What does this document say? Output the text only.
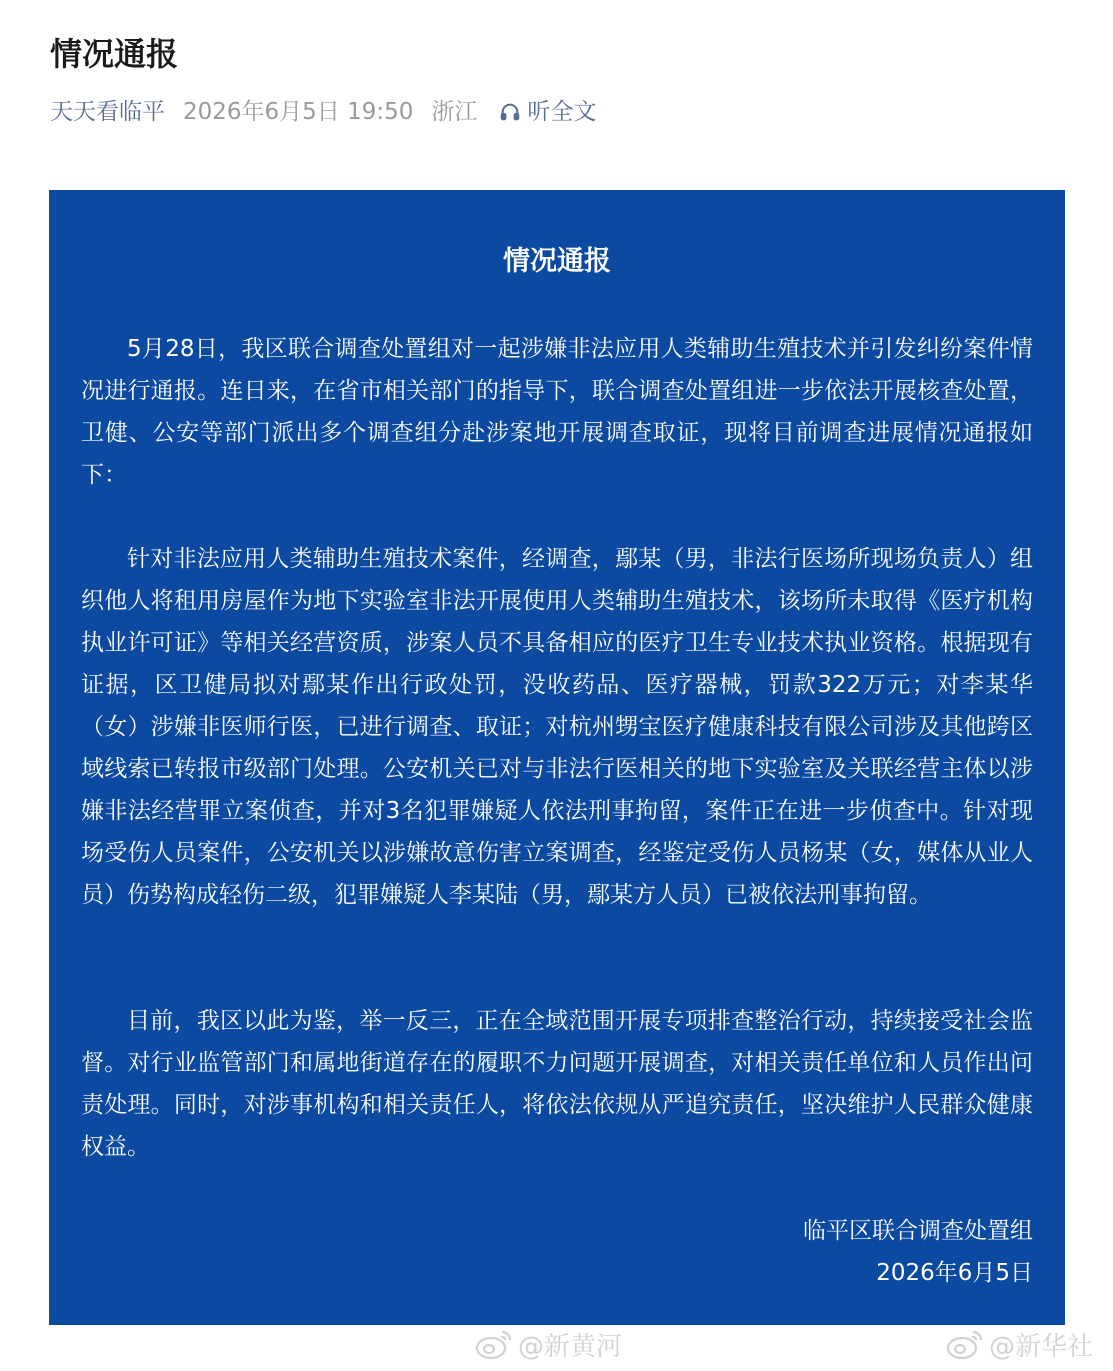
情况通报
天天看临平 2026年6月5日 19:50 浙江 听全文
情况通报

5月28日，我区联合调查处置组对一起涉嫌非法应用人类辅助生殖技术并引发纠纷案件情况进行通报。连日来，在省市相关部门的指导下，联合调查处置组进一步依法开展核查处置，卫健、公安等部门派出多个调查组分赴涉案地开展调查取证，现将目前调查进展情况通报如下：

针对非法应用人类辅助生殖技术案件，经调查，鄢某（男，非法行医场所现场负责人）组织他人将租用房屋作为地下实验室非法开展使用人类辅助生殖技术，该场所未取得《医疗机构执业许可证》等相关经营资质，涉案人员不具备相应的医疗卫生专业技术执业资格。根据现有证据，区卫健局拟对鄢某作出行政处罚，没收药品、医疗器械，罚款322万元；对李某华（女）涉嫌非医师行医，已进行调查、取证；对杭州甥宝医疗健康科技有限公司涉及其他跨区域线索已转报市级部门处理。公安机关已对与非法行医相关的地下实验室及关联经营主体以涉嫌非法经营罪立案侦查，并对3名犯罪嫌疑人依法刑事拘留，案件正在进一步侦查中。针对现场受伤人员案件，公安机关以涉嫌故意伤害立案调查，经鉴定受伤人员杨某（女，媒体从业人员）伤势构成轻伤二级，犯罪嫌疑人李某陆（男，鄢某方人员）已被依法刑事拘留。

目前，我区以此为鉴，举一反三，正在全域范围开展专项排查整治行动，持续接受社会监督。对行业监管部门和属地街道存在的履职不力问题开展调查，对相关责任单位和人员作出问责处理。同时，对涉事机构和相关责任人，将依法依规从严追究责任，坚决维护人民群众健康权益。

临平区联合调查处置组
2026年6月5日
@新黄河	@新华社
